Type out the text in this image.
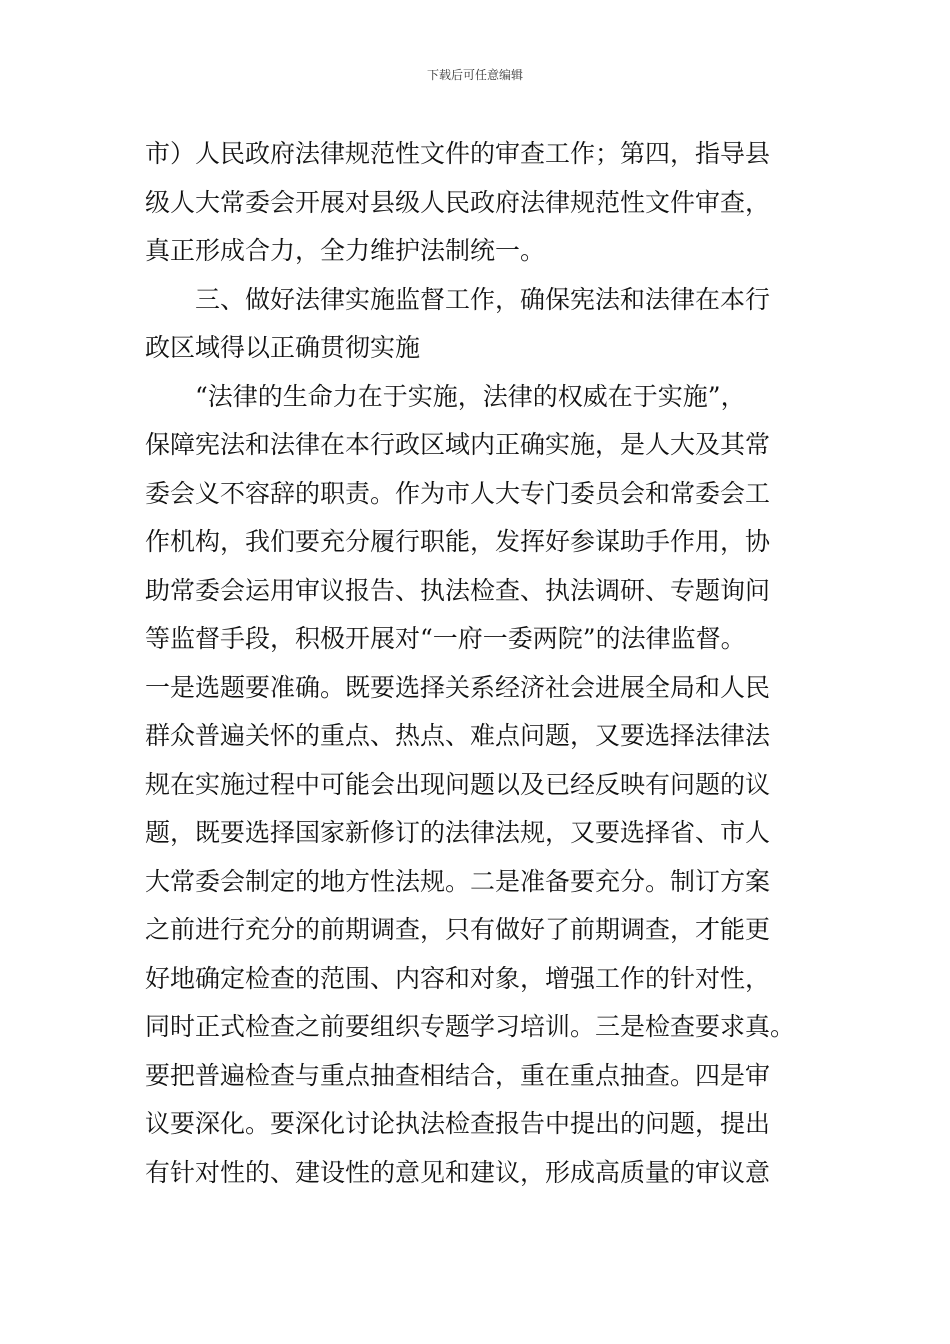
下载后可任意编辑

市）人民政府法律规范性文件的审查工作；第四，指导县
级人大常委会开展对县级人民政府法律规范性文件审查，
真正形成合力，全力维护法制统一。

三、做好法律实施监督工作，确保宪法和法律在本行
政区域得以正确贯彻实施

“法律的生命力在于实施，法律的权威在于实施”，
保障宪法和法律在本行政区域内正确实施，是人大及其常
委会义不容辞的职责。作为市人大专门委员会和常委会工
作机构，我们要充分履行职能，发挥好参谋助手作用，协
助常委会运用审议报告、执法检查、执法调研、专题询问
等监督手段，积极开展对“一府一委两院”的法律监督。
一是选题要准确。既要选择关系经济社会进展全局和人民
群众普遍关怀的重点、热点、难点问题，又要选择法律法
规在实施过程中可能会出现问题以及已经反映有问题的议
题，既要选择国家新修订的法律法规，又要选择省、市人
大常委会制定的地方性法规。二是准备要充分。制订方案
之前进行充分的前期调查，只有做好了前期调查，才能更
好地确定检查的范围、内容和对象，增强工作的针对性，
同时正式检查之前要组织专题学习培训。三是检查要求真。
要把普遍检查与重点抽查相结合，重在重点抽查。四是审
议要深化。要深化讨论执法检查报告中提出的问题，提出
有针对性的、建设性的意见和建议，形成高质量的审议意
